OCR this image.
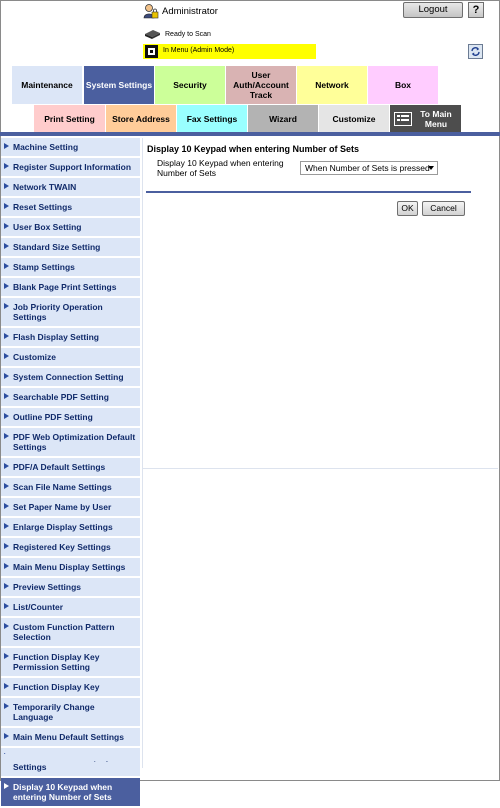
Administrator	Logout	?
Ready to Scan
In Menu (Admin Mode)
Maintenance	System Settings	Security
User Auth/Account Track
Network	Box
Print Setting	Store Address	Fax Settings	Wizard	Customize	To Main Menu
Machine Setting
Register Support Information
Network TWAIN
Reset Settings
User Box Setting
Standard Size Setting
Stamp Settings
Blank Page Print Settings
Job Priority Operation Settings
Flash Display Setting
Customize
System Connection Setting
Searchable PDF Setting
Outline PDF Setting
PDF Web Optimization Default Settings
PDF/A Default Settings
Scan File Name Settings
Set Paper Name by User
Enlarge Display Settings
Registered Key Settings
Main Menu Display Settings
Preview Settings
List/Counter
Custom Function Pattern Selection
Function Display Key Permission Setting
Function Display Key
Temporarily Change Language
Main Menu Default Settings
Settings
Display 10 Keypad when entering Number of Sets
Display 10 Keypad when entering Number of Sets
Display 10 Keypad when entering Number of Sets	When Number of Sets is pressed
OK	Cancel
